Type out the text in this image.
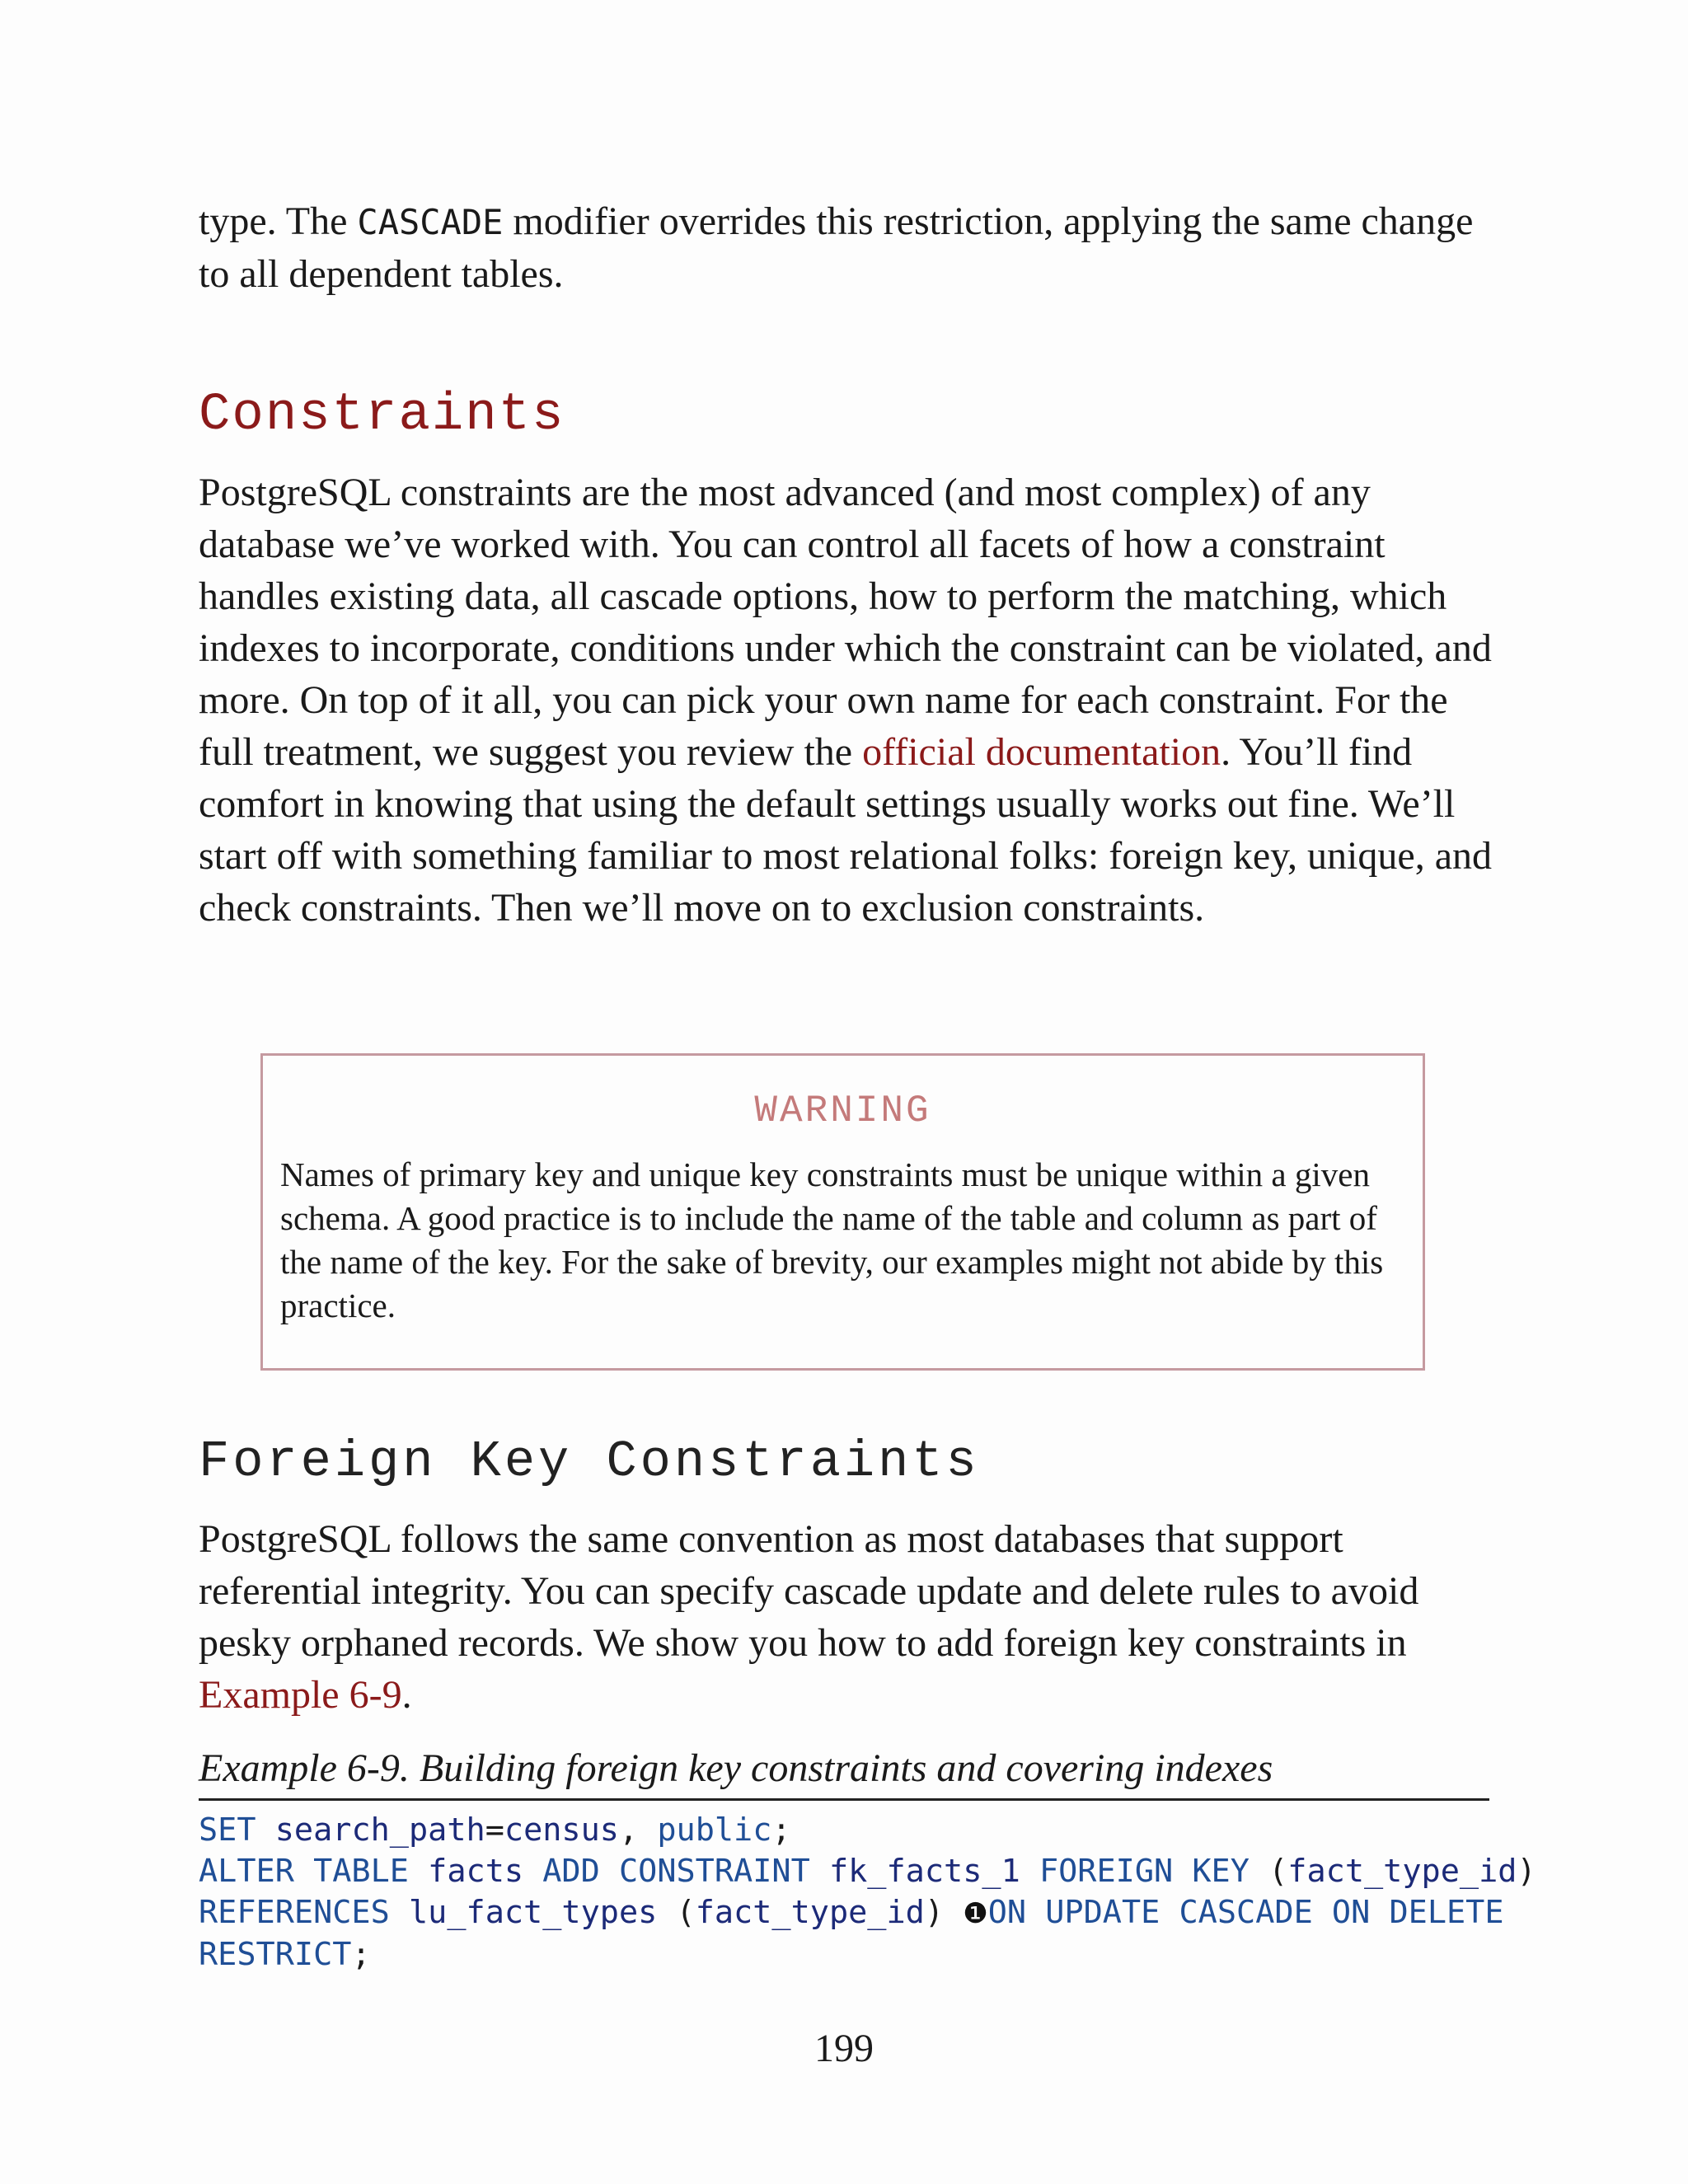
type. The CASCADE modifier overrides this restriction, applying the same change to all dependent tables.

Constraints

PostgreSQL constraints are the most advanced (and most complex) of any database we’ve worked with. You can control all facets of how a constraint handles existing data, all cascade options, how to perform the matching, which indexes to incorporate, conditions under which the constraint can be violated, and more. On top of it all, you can pick your own name for each constraint. For the full treatment, we suggest you review the official documentation. You’ll find comfort in knowing that using the default settings usually works out fine. We’ll start off with something familiar to most relational folks: foreign key, unique, and check constraints. Then we’ll move on to exclusion constraints.

WARNING

Names of primary key and unique key constraints must be unique within a given schema. A good practice is to include the name of the table and column as part of the name of the key. For the sake of brevity, our examples might not abide by this practice.

Foreign Key Constraints

PostgreSQL follows the same convention as most databases that support referential integrity. You can specify cascade update and delete rules to avoid pesky orphaned records. We show you how to add foreign key constraints in Example 6-9.

Example 6-9. Building foreign key constraints and covering indexes

SET search_path=census, public;
ALTER TABLE facts ADD CONSTRAINT fk_facts_1 FOREIGN KEY (fact_type_id)
REFERENCES lu_fact_types (fact_type_id) ❶ON UPDATE CASCADE ON DELETE
RESTRICT;

199
